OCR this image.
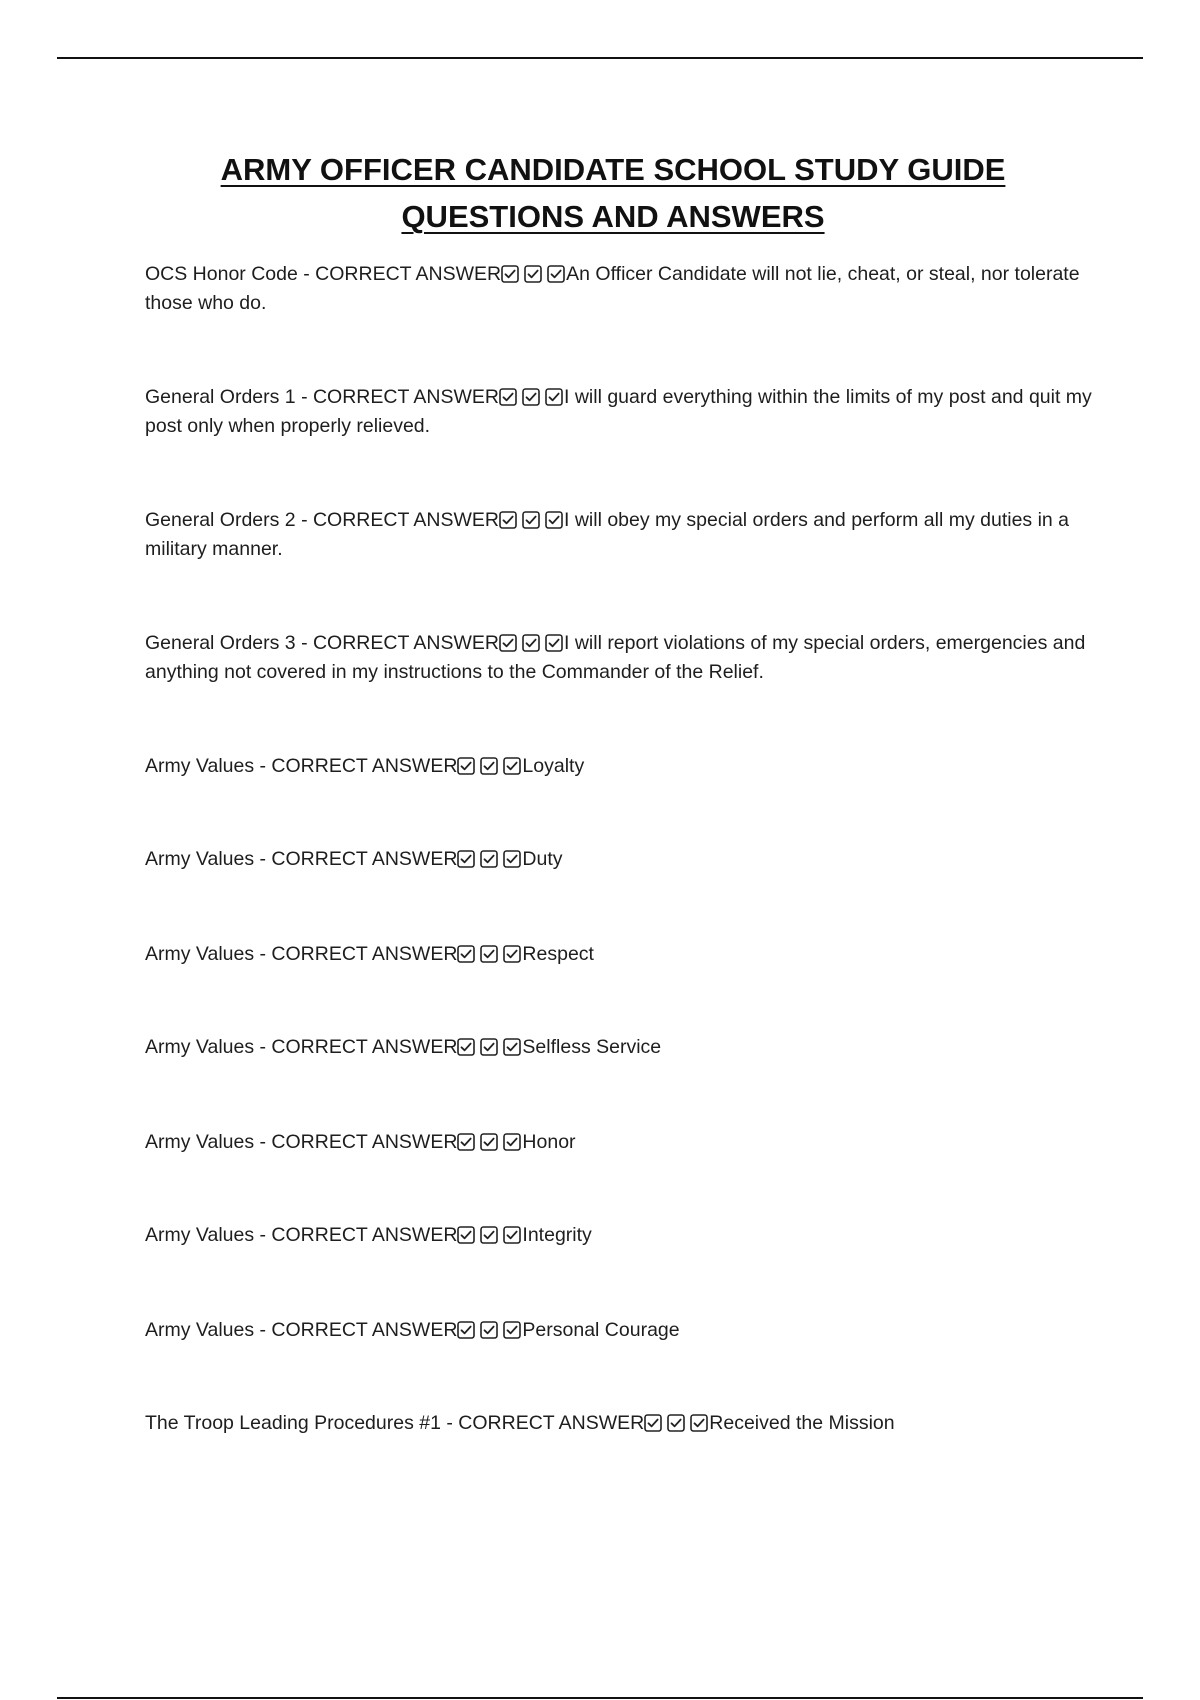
ARMY OFFICER CANDIDATE SCHOOL STUDY GUIDE QUESTIONS AND ANSWERS

OCS Honor Code - CORRECT ANSWER	An Officer Candidate will not lie, cheat, or steal, nor tolerate those who do.

General Orders 1 - CORRECT ANSWER	I will guard everything within the limits of my post and quit my post only when properly relieved.

General Orders 2 - CORRECT ANSWER	I will obey my special orders and perform all my duties in a military manner.

General Orders 3 - CORRECT ANSWER	I will report violations of my special orders, emergencies and anything not covered in my instructions to the Commander of the Relief.

Army Values - CORRECT ANSWER	Loyalty

Army Values - CORRECT ANSWER	Duty

Army Values - CORRECT ANSWER	Respect

Army Values - CORRECT ANSWER	Selfless Service

Army Values - CORRECT ANSWER	Honor

Army Values - CORRECT ANSWER	Integrity

Army Values - CORRECT ANSWER	Personal Courage

The Troop Leading Procedures #1 - CORRECT ANSWER	Received the Mission
